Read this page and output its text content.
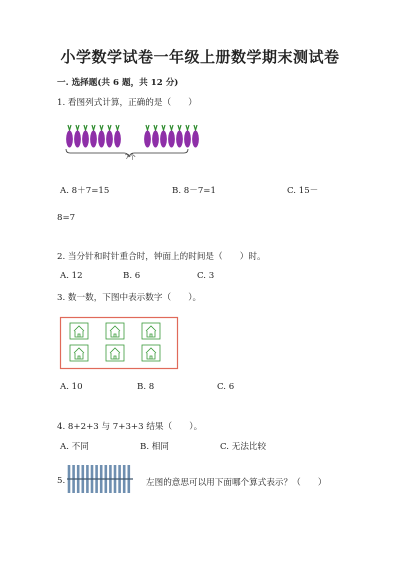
小学数学试卷一年级上册数学期末测试卷
一. 选择题(共 6 题，共 12 分)
1. 看图列式计算，正确的是（　　）
7个
A. 8＋7=15	B. 8－7=1	C. 15－
8=7
2. 当分针和时针重合时，钟面上的时间是（　　）时。
A. 12	B. 6	C. 3
3. 数一数，下图中表示数字（　　）。
A. 10	B. 8	C. 6
4. 8+2+3 与 7+3+3 结果（　　）。
A. 不同	B. 相同	C. 无法比较
5.	左图的意思可以用下面哪个算式表示？（　　）
